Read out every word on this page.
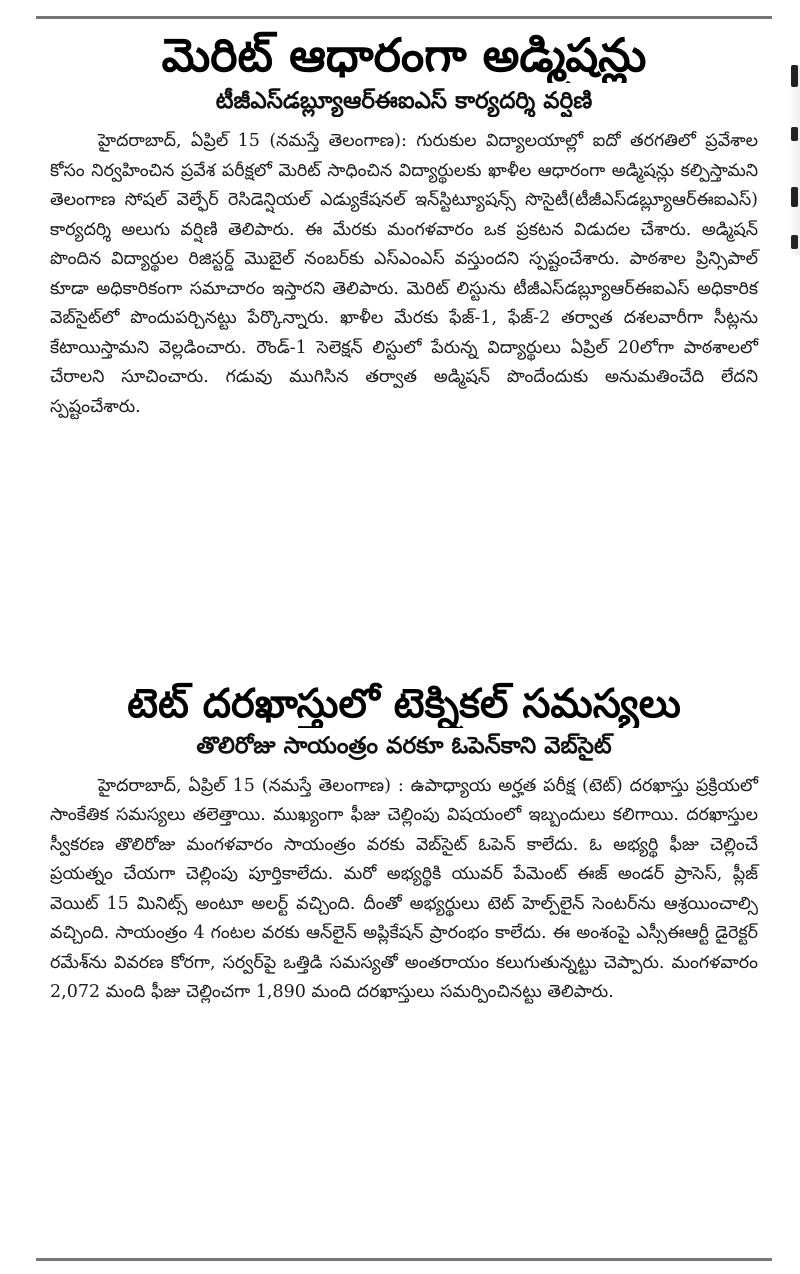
మెరిట్ ఆధారంగా అడ్మిషన్లు
టీజీఎస్‌డబ్ల్యూఆర్‌ఈఐఎస్ కార్యదర్శి వర్షిణి

హైదరాబాద్, ఏప్రిల్ 15 (నమస్తే తెలంగాణ): గురుకుల విద్యాలయాల్లో ఐదో తరగతిలో ప్రవేశాల కోసం నిర్వహించిన ప్రవేశ పరీక్షలో మెరిట్ సాధించిన విద్యార్థులకు ఖాళీల ఆధారంగా అడ్మిషన్లు కల్పిస్తామని తెలంగాణ సోషల్ వెల్ఫేర్ రెసిడెన్షియల్ ఎడ్యుకేషనల్ ఇన్‌స్టిట్యూషన్స్ సొసైటీ(టీజీఎస్‌డబ్ల్యూఆర్‌ఈఐఎస్) కార్యదర్శి అలుగు వర్షిణి తెలిపారు. ఈ మేరకు మంగళవారం ఒక ప్రకటన విడుదల చేశారు. అడ్మిషన్ పొందిన విద్యార్థుల రిజిస్టర్డ్ మొబైల్ నంబర్‌కు ఎస్‌ఎంఎస్ వస్తుందని స్పష్టంచేశారు. పాఠశాల ప్రిన్సిపాల్ కూడా అధికారికంగా సమాచారం ఇస్తారని తెలిపారు. మెరిట్ లిస్టును టీజీఎస్‌డబ్ల్యూఆర్‌ఈఐఎస్ అధికారిక వెబ్‌సైట్‌లో పొందుపర్చినట్టు పేర్కొన్నారు. ఖాళీల మేరకు ఫేజ్-1, ఫేజ్-2 తర్వాత దశలవారీగా సీట్లను కేటాయిస్తామని వెల్లడించారు. రౌండ్-1 సెలెక్షన్ లిస్టులో పేరున్న విద్యార్థులు ఏప్రిల్ 20లోగా పాఠశాలలో చేరాలని సూచించారు. గడువు ముగిసిన తర్వాత అడ్మిషన్ పొందేందుకు అనుమతించేది లేదని స్పష్టంచేశారు.

టెట్ దరఖాస్తులో టెక్నికల్ సమస్యలు
తొలిరోజు సాయంత్రం వరకూ ఓపెన్‌కాని వెబ్‌సైట్

హైదరాబాద్, ఏప్రిల్ 15 (నమస్తే తెలంగాణ) : ఉపాధ్యాయ అర్హత పరీక్ష (టెట్) దరఖాస్తు ప్రక్రియలో సాంకేతిక సమస్యలు తలెత్తాయి. ముఖ్యంగా ఫీజు చెల్లింపు విషయంలో ఇబ్బందులు కలిగాయి. దరఖాస్తుల స్వీకరణ తొలిరోజు మంగళవారం సాయంత్రం వరకు వెబ్‌సైట్ ఓపెన్ కాలేదు. ఓ అభ్యర్థి ఫీజు చెల్లించే ప్రయత్నం చేయగా చెల్లింపు పూర్తికాలేదు. మరో అభ్యర్థికి యువర్ పేమెంట్ ఈజ్ అండర్ ప్రాసెస్, ప్లీజ్ వెయిట్ 15 మినిట్స్ అంటూ అలర్ట్ వచ్చింది. దీంతో అభ్యర్థులు టెట్ హెల్ప్‌లైన్ సెంటర్‌ను ఆశ్రయించాల్సి వచ్చింది. సాయంత్రం 4 గంటల వరకు ఆన్‌లైన్ అప్లికేషన్ ప్రారంభం కాలేదు. ఈ అంశంపై ఎస్సీఈఆర్టీ డైరెక్టర్ రమేశ్‌ను వివరణ కోరగా, సర్వర్‌పై ఒత్తిడి సమస్యతో అంతరాయం కలుగుతున్నట్టు చెప్పారు. మంగళవారం 2,072 మంది ఫీజు చెల్లించగా 1,890 మంది దరఖాస్తులు సమర్పించినట్టు తెలిపారు.
